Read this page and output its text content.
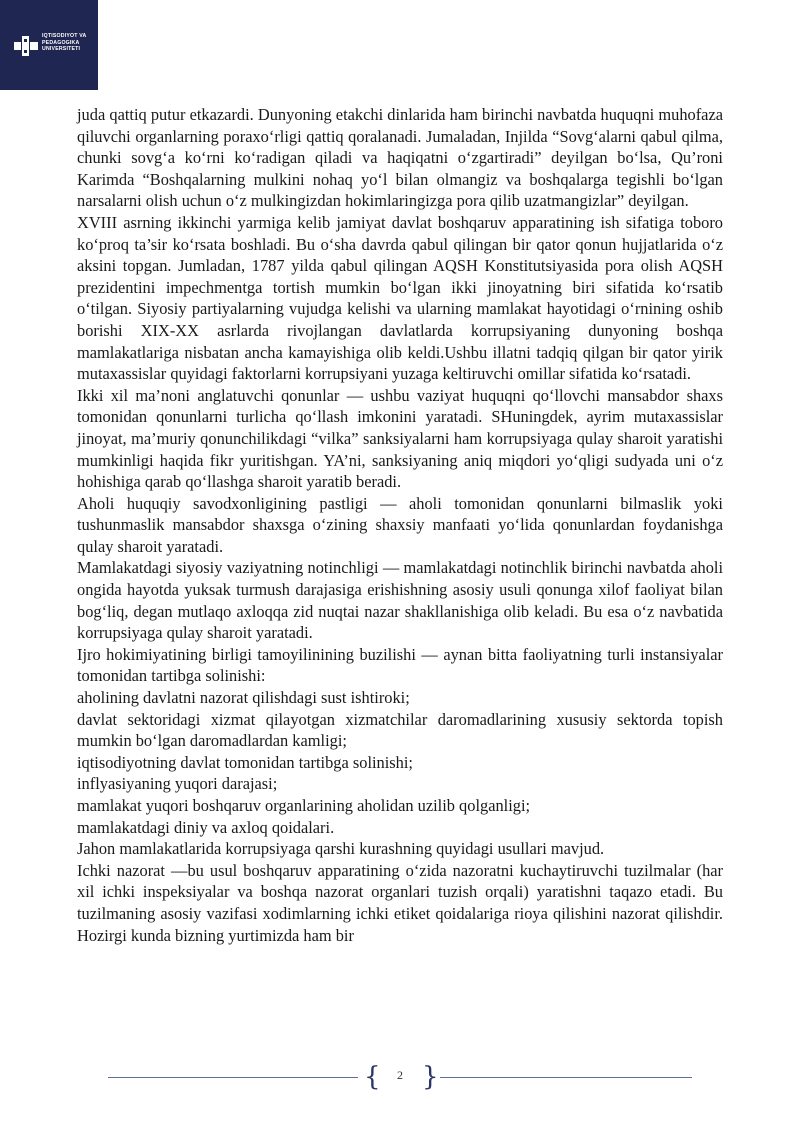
IQTISODIYOT VA
PEDAGOGIKA
UNIVERSITETI

juda qattiq putur etkazardi. Dunyoning etakchi dinlarida ham birinchi navbatda huquqni muhofaza qiluvchi organlarning poraxoʻrligi qattiq qoralanadi. Jumaladan, Injilda “Sovgʻalarni qabul qilma, chunki sovgʻa koʻrni koʻradigan qiladi va haqiqatni oʻzgartiradi” deyilgan boʻlsa, Qu’roni Karimda “Boshqalarning mulkini nohaq yoʻl bilan olmangiz va boshqalarga tegishli boʻlgan narsalarni olish uchun oʻz mulkingizdan hokimlaringizga pora qilib uzatmangizlar” deyilgan.

XVIII asrning ikkinchi yarmiga kelib jamiyat davlat boshqaruv apparatining ish sifatiga toboro koʻproq ta’sir koʻrsata boshladi. Bu oʻsha davrda qabul qilingan bir qator qonun hujjatlarida oʻz aksini topgan. Jumladan, 1787 yilda qabul qilingan AQSH Konstitutsiyasida pora olish AQSH prezidentini impechmentga tortish mumkin boʻlgan ikki jinoyatning biri sifatida koʻrsatib oʻtilgan. Siyosiy partiyalarning vujudga kelishi va ularning mamlakat hayotidagi oʻrnining oshib borishi XIX-XX asrlarda rivojlangan davlatlarda korrupsiyaning dunyoning boshqa mamlakatlariga nisbatan ancha kamayishiga olib keldi.Ushbu illatni tadqiq qilgan bir qator yirik mutaxassislar quyidagi faktorlarni korrupsiyani yuzaga keltiruvchi omillar sifatida koʻrsatadi.

Ikki xil ma’noni anglatuvchi qonunlar — ushbu vaziyat huquqni qoʻllovchi mansabdor shaxs tomonidan qonunlarni turlicha qoʻllash imkonini yaratadi. SHuningdek, ayrim mutaxassislar jinoyat, ma’muriy qonunchilikdagi “vilka” sanksiyalarni ham korrupsiyaga qulay sharoit yaratishi mumkinligi haqida fikr yuritishgan. YA’ni, sanksiyaning aniq miqdori yoʻqligi sudyada uni oʻz hohishiga qarab qoʻllashga sharoit yaratib beradi.

Aholi huquqiy savodxonligining pastligi — aholi tomonidan qonunlarni bilmaslik yoki tushunmaslik mansabdor shaxsga oʻzining shaxsiy manfaati yoʻlida qonunlardan foydanishga qulay sharoit yaratadi.

Mamlakatdagi siyosiy vaziyatning notinchligi — mamlakatdagi notinchlik birinchi navbatda aholi ongida hayotda yuksak turmush darajasiga erishishning asosiy usuli qonunga xilof faoliyat bilan bogʻliq, degan mutlaqo axloqqa zid nuqtai nazar shakllanishiga olib keladi. Bu esa oʻz navbatida korrupsiyaga qulay sharoit yaratadi.

Ijro hokimiyatining birligi tamoyilinining buzilishi — aynan bitta faoliyatning turli instansiyalar tomonidan tartibga solinishi:

aholining davlatni nazorat qilishdagi sust ishtiroki;

davlat sektoridagi xizmat qilayotgan xizmatchilar daromadlarining xususiy sektorda topish mumkin boʻlgan daromadlardan kamligi;

iqtisodiyotning davlat tomonidan tartibga solinishi;

inflyasiyaning yuqori darajasi;

mamlakat yuqori boshqaruv organlarining aholidan uzilib qolganligi;

mamlakatdagi diniy va axloq qoidalari.

Jahon mamlakatlarida korrupsiyaga qarshi kurashning quyidagi usullari mavjud.

Ichki nazorat —bu usul boshqaruv apparatining oʻzida nazoratni kuchaytiruvchi tuzilmalar (har xil ichki inspeksiyalar va boshqa nazorat organlari tuzish orqali) yaratishni taqazo etadi. Bu tuzilmaning asosiy vazifasi xodimlarning ichki etiket qoidalariga rioya qilishini nazorat qilishdir. Hozirgi kunda bizning yurtimizda ham bir

{	2 }
